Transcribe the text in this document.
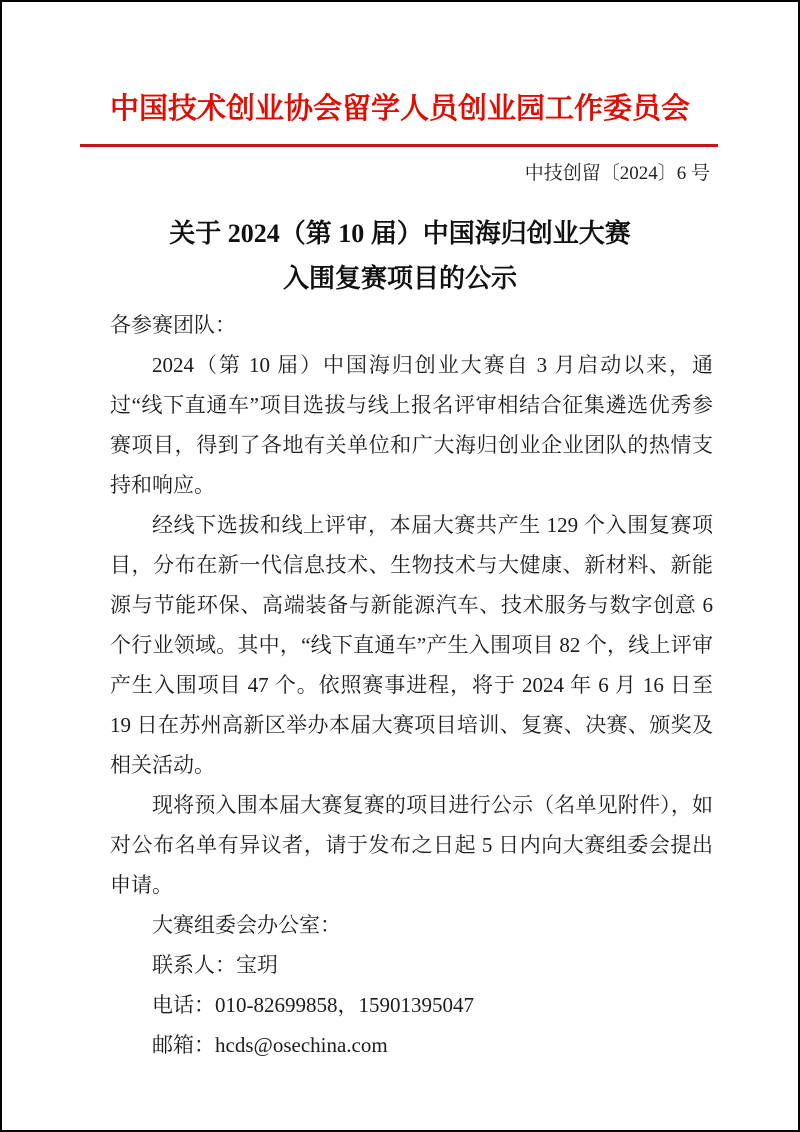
中国技术创业协会留学人员创业园工作委员会
中技创留〔2024〕6 号
关于 2024（第 10 届）中国海归创业大赛
入围复赛项目的公示

各参赛团队：

2024（第 10 届）中国海归创业大赛自 3 月启动以来，通过“线下直通车”项目选拔与线上报名评审相结合征集遴选优秀参赛项目，得到了各地有关单位和广大海归创业企业团队的热情支持和响应。

经线下选拔和线上评审，本届大赛共产生 129 个入围复赛项目，分布在新一代信息技术、生物技术与大健康、新材料、新能源与节能环保、高端装备与新能源汽车、技术服务与数字创意 6 个行业领域。其中，“线下直通车”产生入围项目 82 个，线上评审产生入围项目 47 个。依照赛事进程，将于 2024 年 6 月 16 日至 19 日在苏州高新区举办本届大赛项目培训、复赛、决赛、颁奖及相关活动。

现将预入围本届大赛复赛的项目进行公示（名单见附件），如对公布名单有异议者，请于发布之日起 5 日内向大赛组委会提出申请。

大赛组委会办公室：

联系人：宝玥

电话：010-82699858，15901395047

邮箱：hcds@osechina.com
